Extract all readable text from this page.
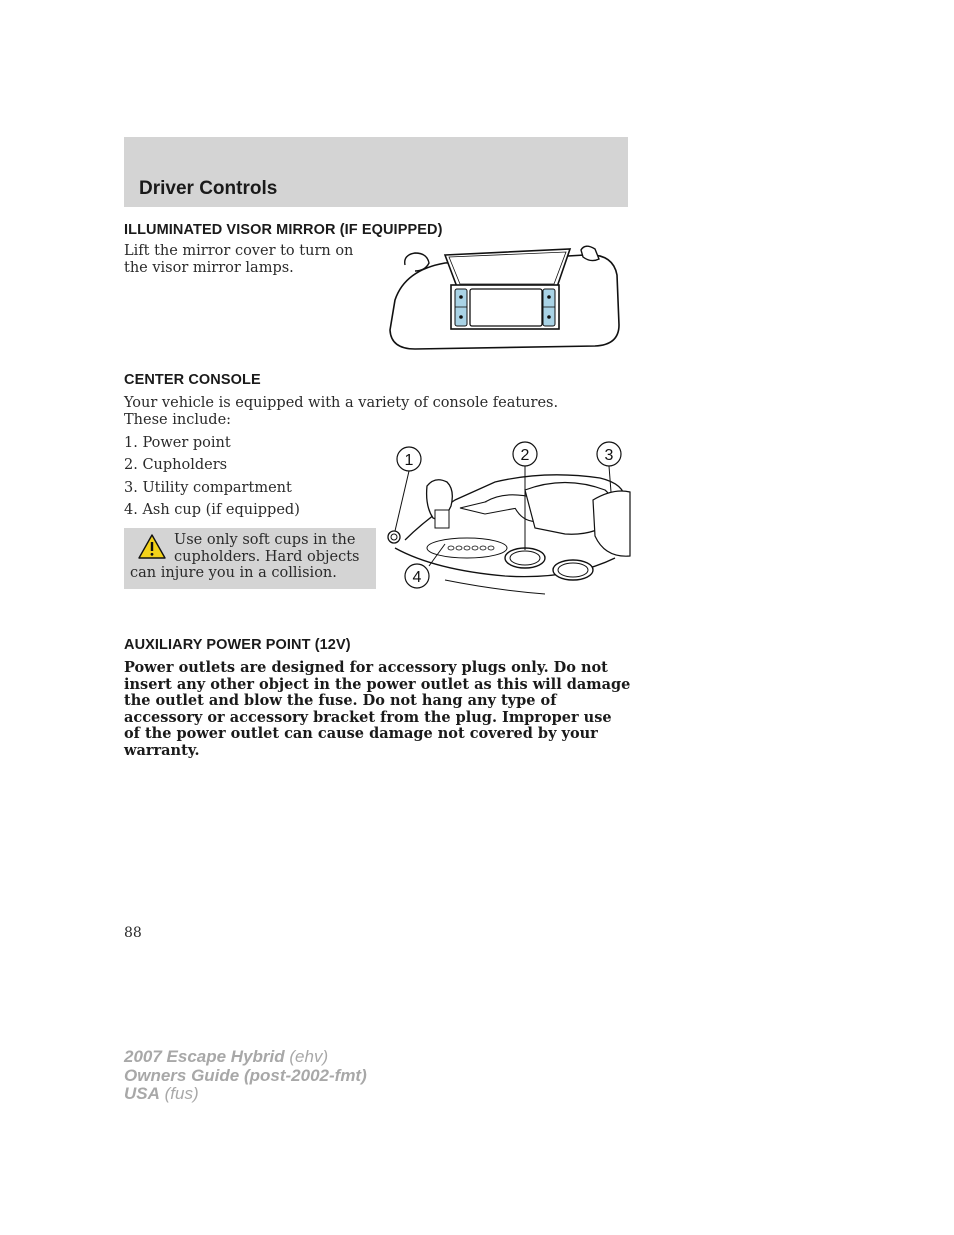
Driver Controls
ILLUMINATED VISOR MIRROR (IF EQUIPPED)
Lift the mirror cover to turn on the visor mirror lamps.
CENTER CONSOLE
Your vehicle is equipped with a variety of console features. These include:
1. Power point
2. Cupholders
3. Utility compartment
4. Ash cup (if equipped)
Use only soft cups in the cupholders. Hard objects can injure you in a collision.
1	2	3
4
AUXILIARY POWER POINT (12V)
Power outlets are designed for accessory plugs only. Do not insert any other object in the power outlet as this will damage the outlet and blow the fuse. Do not hang any type of accessory or accessory bracket from the plug. Improper use of the power outlet can cause damage not covered by your warranty.
88
2007 Escape Hybrid (ehv)
Owners Guide (post-2002-fmt)
USA (fus)
